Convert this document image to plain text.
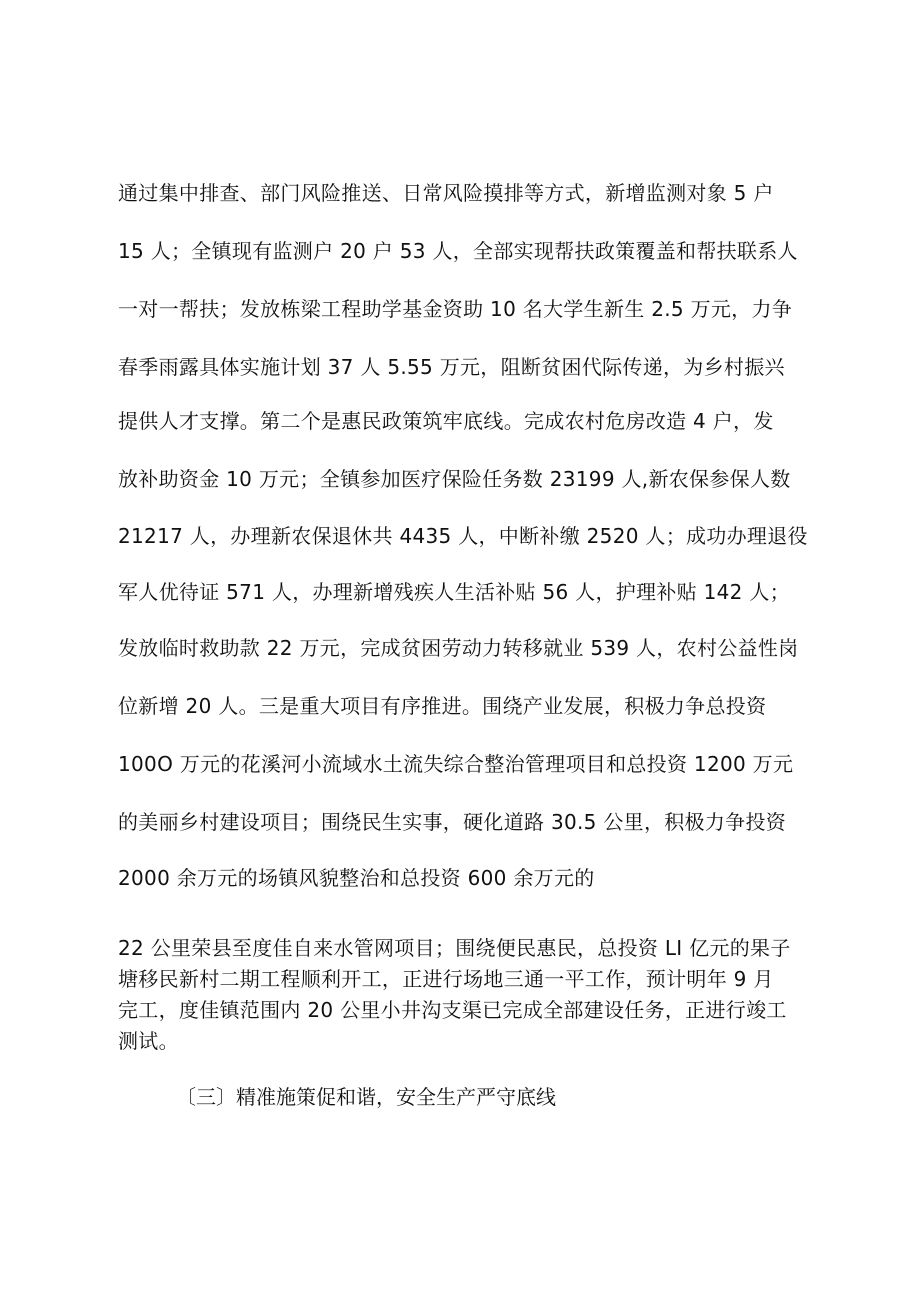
通过集中排查、部门风险推送、日常风险摸排等方式，新增监测对象 5 户
15 人；全镇现有监测户 20 户 53 人，全部实现帮扶政策覆盖和帮扶联系人
一对一帮扶；发放栋梁工程助学基金资助 10 名大学生新生 2.5 万元，力争
春季雨露具体实施计划 37 人 5.55 万元，阻断贫困代际传递，为乡村振兴
提供人才支撑。第二个是惠民政策筑牢底线。完成农村危房改造 4 户，发
放补助资金 10 万元；全镇参加医疗保险任务数 23199 人,新农保参保人数
21217 人，办理新农保退休共 4435 人，中断补缴 2520 人；成功办理退役
军人优待证 571 人，办理新增残疾人生活补贴 56 人，护理补贴 142 人；
发放临时救助款 22 万元，完成贫困劳动力转移就业 539 人，农村公益性岗
位新增 20 人。三是重大项目有序推进。围绕产业发展，积极力争总投资
100O 万元的花溪河小流域水土流失综合整治管理项目和总投资 1200 万元
的美丽乡村建设项目；围绕民生实事，硬化道路 30.5 公里，积极力争投资
2000 余万元的场镇风貌整治和总投资 600 余万元的
22 公里荣县至度佳自来水管网项目；围绕便民惠民，总投资 LI 亿元的果子
塘移民新村二期工程顺利开工，正进行场地三通一平工作，预计明年 9 月
完工，度佳镇范围内 20 公里小井沟支渠已完成全部建设任务，正进行竣工
测试。
〔三〕精准施策促和谐，安全生产严守底线
